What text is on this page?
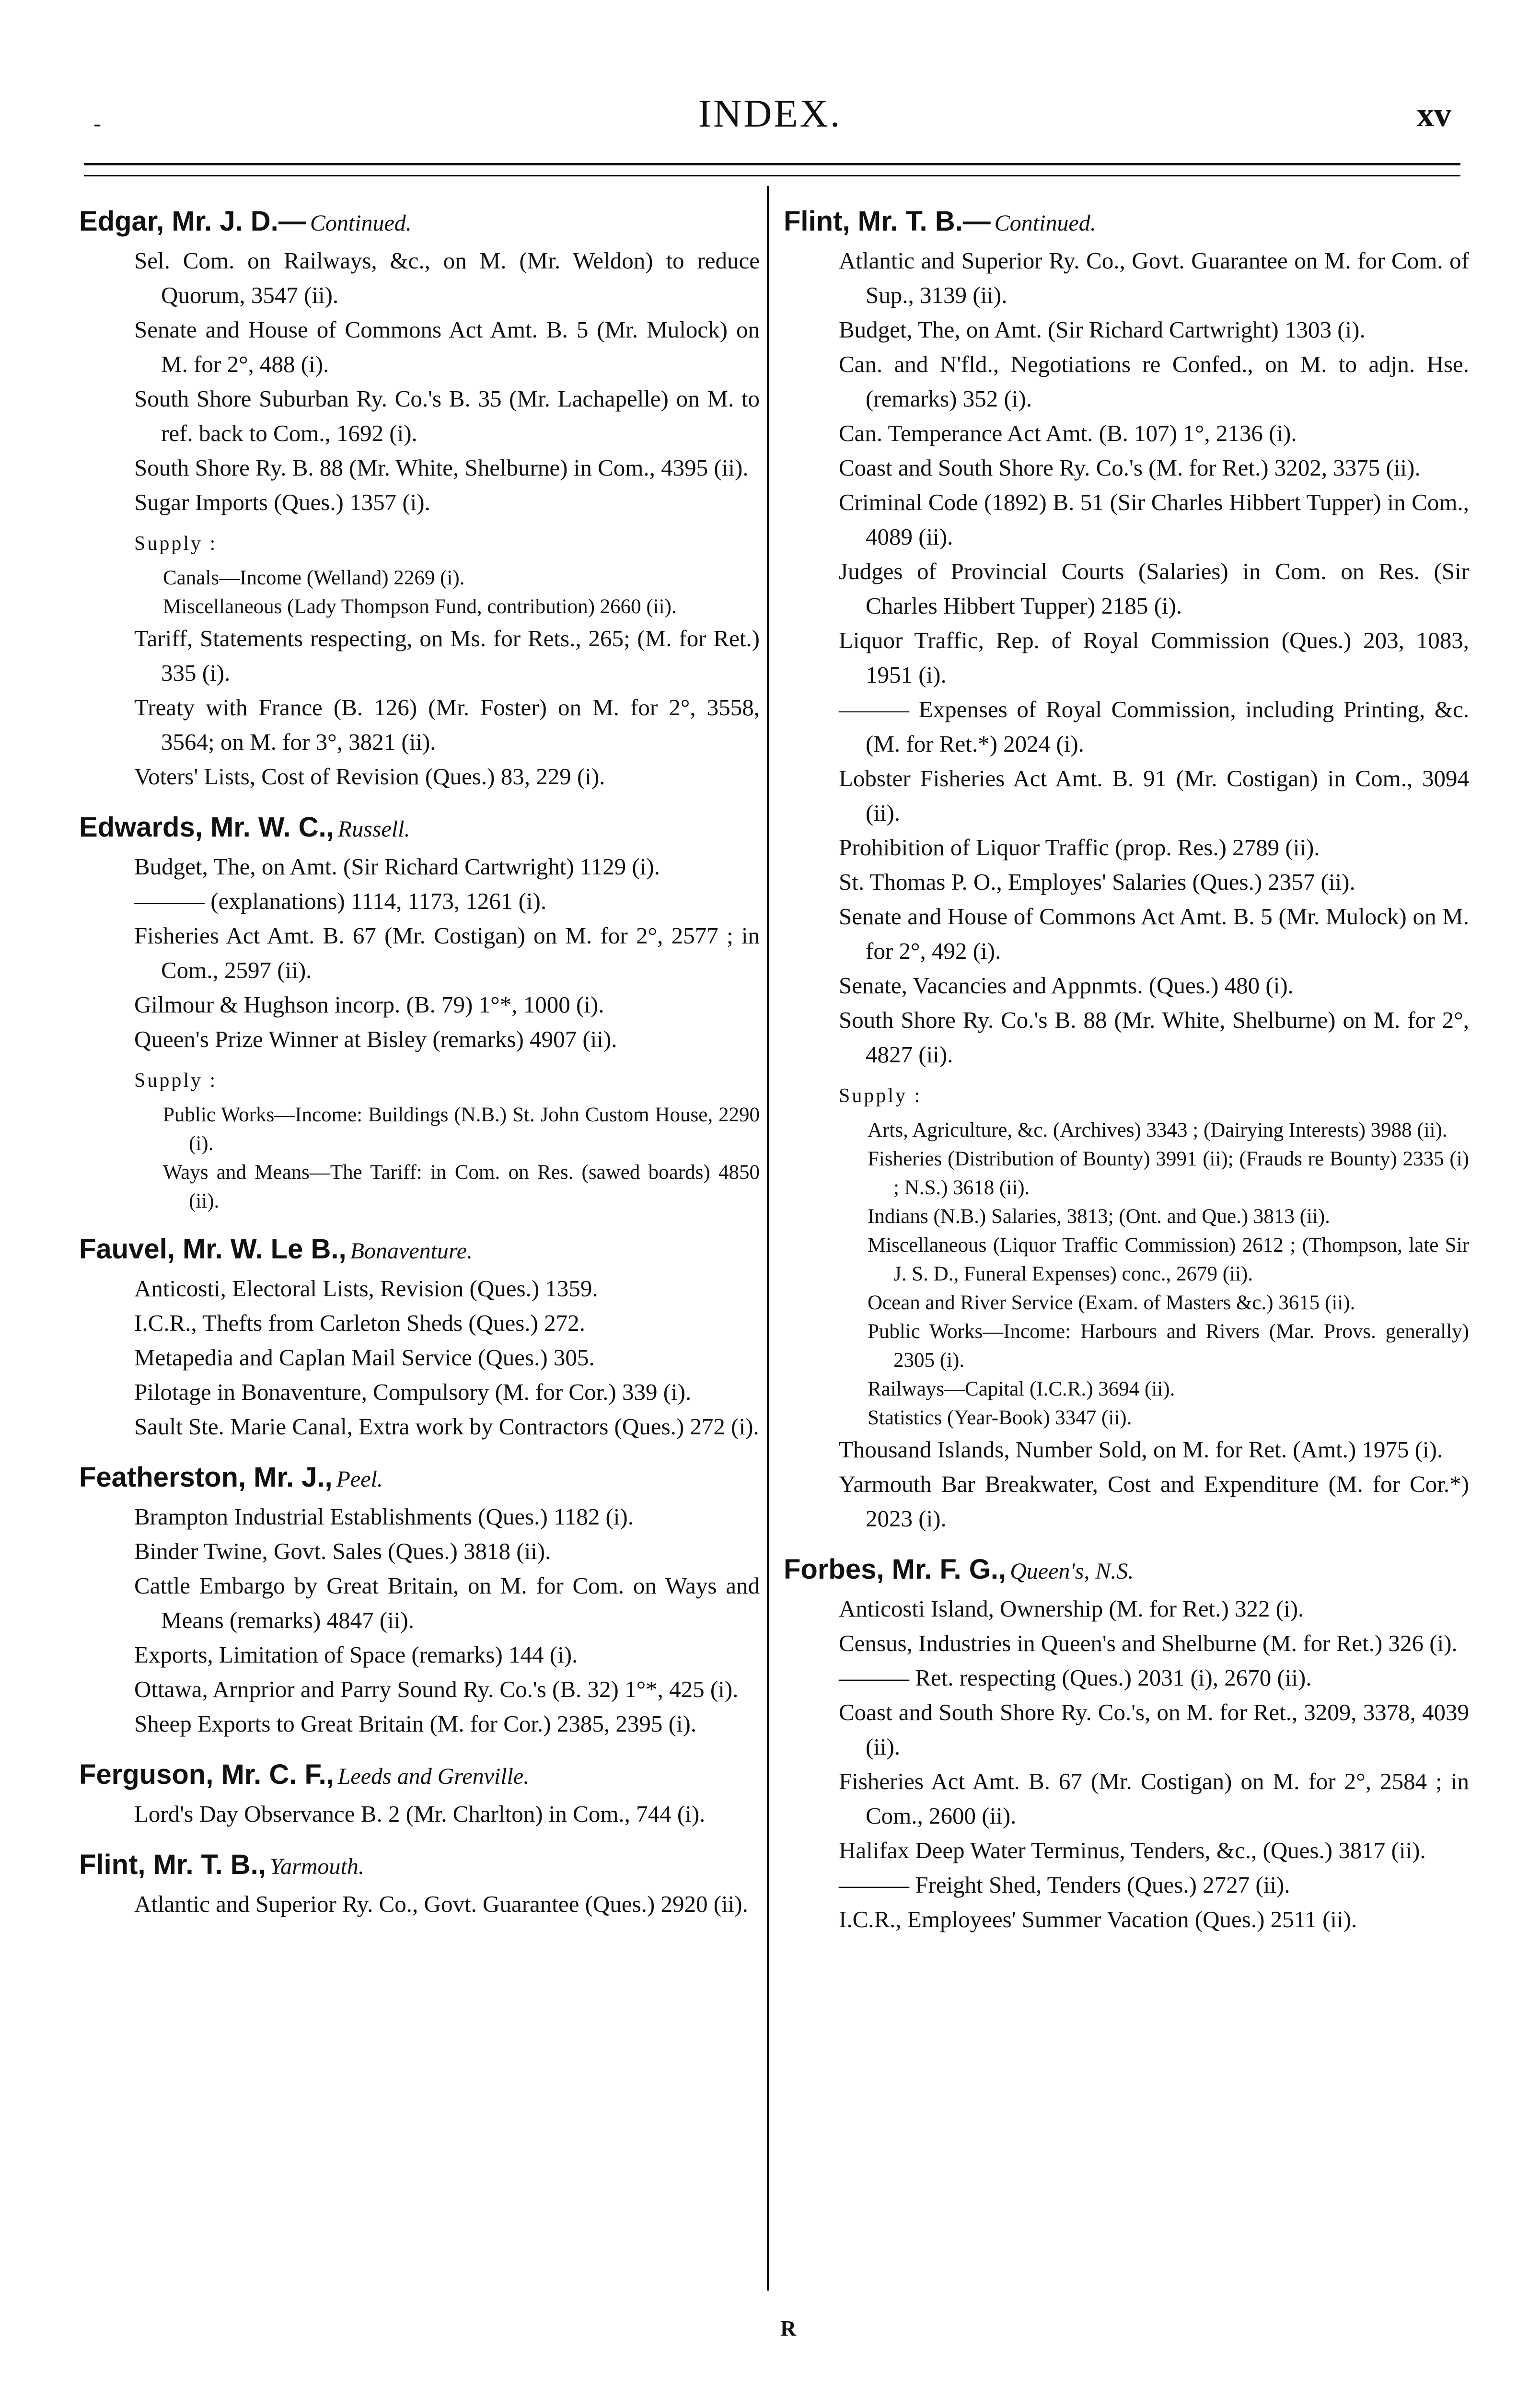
-	INDEX.	xv
Edgar, Mr. J. D.— Continued.
Sel. Com. on Railways, &c., on M. (Mr. Weldon) to reduce Quorum, 3547 (ii).
Senate and House of Commons Act Amt. B. 5 (Mr. Mulock) on M. for 2°, 488 (i).
South Shore Suburban Ry. Co.'s B. 35 (Mr. Lachapelle) on M. to ref. back to Com., 1692 (i).
South Shore Ry. B. 88 (Mr. White, Shelburne) in Com., 4395 (ii).
Sugar Imports (Ques.) 1357 (i).
Supply :
Canals—Income (Welland) 2269 (i).
Miscellaneous (Lady Thompson Fund, contribution) 2660 (ii).
Tariff, Statements respecting, on Ms. for Rets., 265; (M. for Ret.) 335 (i).
Treaty with France (B. 126) (Mr. Foster) on M. for 2°, 3558, 3564; on M. for 3°, 3821 (ii).
Voters' Lists, Cost of Revision (Ques.) 83, 229 (i).
Edwards, Mr. W. C., Russell.
Budget, The, on Amt. (Sir Richard Cartwright) 1129 (i).
——— (explanations) 1114, 1173, 1261 (i).
Fisheries Act Amt. B. 67 (Mr. Costigan) on M. for 2°, 2577 ; in Com., 2597 (ii).
Gilmour & Hughson incorp. (B. 79) 1°*, 1000 (i).
Queen's Prize Winner at Bisley (remarks) 4907 (ii).
Supply :
Public Works—Income: Buildings (N.B.) St. John Custom House, 2290 (i).
Ways and Means—The Tariff: in Com. on Res. (sawed boards) 4850 (ii).
Fauvel, Mr. W. Le B., Bonaventure.
Anticosti, Electoral Lists, Revision (Ques.) 1359.
I.C.R., Thefts from Carleton Sheds (Ques.) 272.
Metapedia and Caplan Mail Service (Ques.) 305.
Pilotage in Bonaventure, Compulsory (M. for Cor.) 339 (i).
Sault Ste. Marie Canal, Extra work by Contractors (Ques.) 272 (i).
Featherston, Mr. J., Peel.
Brampton Industrial Establishments (Ques.) 1182 (i).
Binder Twine, Govt. Sales (Ques.) 3818 (ii).
Cattle Embargo by Great Britain, on M. for Com. on Ways and Means (remarks) 4847 (ii).
Exports, Limitation of Space (remarks) 144 (i).
Ottawa, Arnprior and Parry Sound Ry. Co.'s (B. 32) 1°*, 425 (i).
Sheep Exports to Great Britain (M. for Cor.) 2385, 2395 (i).
Ferguson, Mr. C. F., Leeds and Grenville.
Lord's Day Observance B. 2 (Mr. Charlton) in Com., 744 (i).
Flint, Mr. T. B., Yarmouth.
Atlantic and Superior Ry. Co., Govt. Guarantee (Ques.) 2920 (ii).
Flint, Mr. T. B.— Continued.
Atlantic and Superior Ry. Co., Govt. Guarantee on M. for Com. of Sup., 3139 (ii).
Budget, The, on Amt. (Sir Richard Cartwright) 1303 (i).
Can. and N'fld., Negotiations re Confed., on M. to adjn. Hse. (remarks) 352 (i).
Can. Temperance Act Amt. (B. 107) 1°, 2136 (i).
Coast and South Shore Ry. Co.'s (M. for Ret.) 3202, 3375 (ii).
Criminal Code (1892) B. 51 (Sir Charles Hibbert Tupper) in Com., 4089 (ii).
Judges of Provincial Courts (Salaries) in Com. on Res. (Sir Charles Hibbert Tupper) 2185 (i).
Liquor Traffic, Rep. of Royal Commission (Ques.) 203, 1083, 1951 (i).
——— Expenses of Royal Commission, including Printing, &c. (M. for Ret.*) 2024 (i).
Lobster Fisheries Act Amt. B. 91 (Mr. Costigan) in Com., 3094 (ii).
Prohibition of Liquor Traffic (prop. Res.) 2789 (ii).
St. Thomas P. O., Employes' Salaries (Ques.) 2357 (ii).
Senate and House of Commons Act Amt. B. 5 (Mr. Mulock) on M. for 2°, 492 (i).
Senate, Vacancies and Appnmts. (Ques.) 480 (i).
South Shore Ry. Co.'s B. 88 (Mr. White, Shelburne) on M. for 2°, 4827 (ii).
Supply :
Arts, Agriculture, &c. (Archives) 3343 ; (Dairying Interests) 3988 (ii).
Fisheries (Distribution of Bounty) 3991 (ii); (Frauds re Bounty) 2335 (i) ; N.S.) 3618 (ii).
Indians (N.B.) Salaries, 3813; (Ont. and Que.) 3813 (ii).
Miscellaneous (Liquor Traffic Commission) 2612 ; (Thompson, late Sir J. S. D., Funeral Expenses) conc., 2679 (ii).
Ocean and River Service (Exam. of Masters &c.) 3615 (ii).
Public Works—Income: Harbours and Rivers (Mar. Provs. generally) 2305 (i).
Railways—Capital (I.C.R.) 3694 (ii).
Statistics (Year-Book) 3347 (ii).
Thousand Islands, Number Sold, on M. for Ret. (Amt.) 1975 (i).
Yarmouth Bar Breakwater, Cost and Expenditure (M. for Cor.*) 2023 (i).
Forbes, Mr. F. G., Queen's, N.S.
Anticosti Island, Ownership (M. for Ret.) 322 (i).
Census, Industries in Queen's and Shelburne (M. for Ret.) 326 (i).
——— Ret. respecting (Ques.) 2031 (i), 2670 (ii).
Coast and South Shore Ry. Co.'s, on M. for Ret., 3209, 3378, 4039 (ii).
Fisheries Act Amt. B. 67 (Mr. Costigan) on M. for 2°, 2584 ; in Com., 2600 (ii).
Halifax Deep Water Terminus, Tenders, &c., (Ques.) 3817 (ii).
——— Freight Shed, Tenders (Ques.) 2727 (ii).
I.C.R., Employees' Summer Vacation (Ques.) 2511 (ii).
R
